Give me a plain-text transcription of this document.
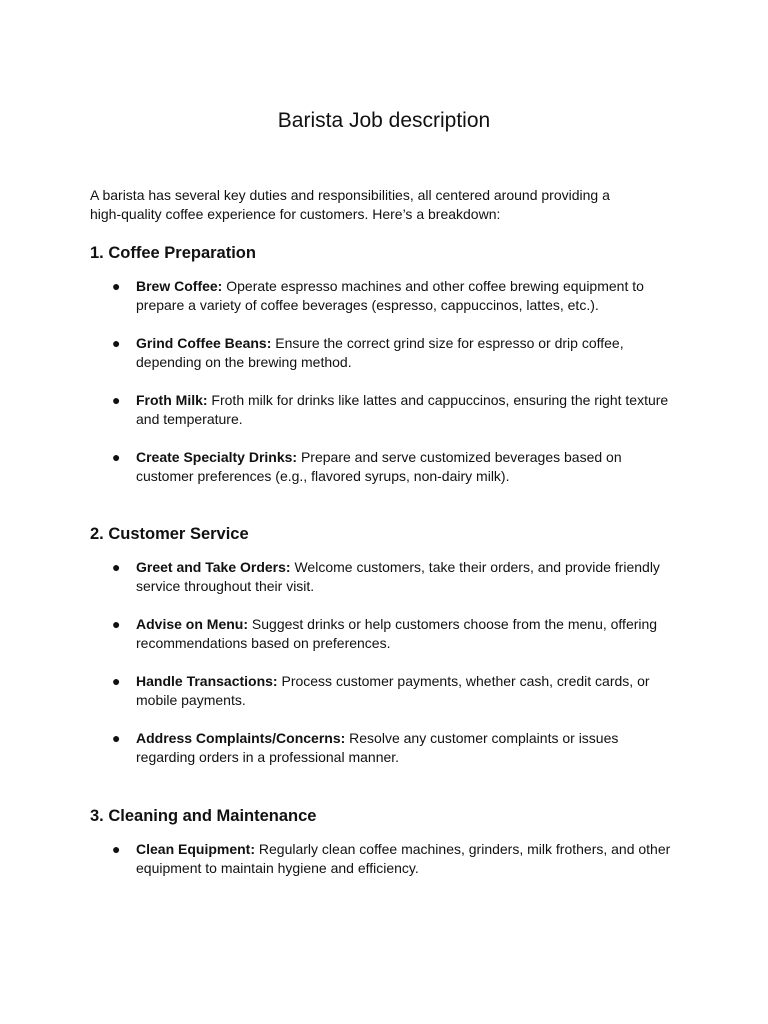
Barista Job description

A barista has several key duties and responsibilities, all centered around providing a high-quality coffee experience for customers. Here’s a breakdown:

1. Coffee Preparation
● Brew Coffee: Operate espresso machines and other coffee brewing equipment to prepare a variety of coffee beverages (espresso, cappuccinos, lattes, etc.).
● Grind Coffee Beans: Ensure the correct grind size for espresso or drip coffee, depending on the brewing method.
● Froth Milk: Froth milk for drinks like lattes and cappuccinos, ensuring the right texture and temperature.
● Create Specialty Drinks: Prepare and serve customized beverages based on customer preferences (e.g., flavored syrups, non-dairy milk).
2. Customer Service
● Greet and Take Orders: Welcome customers, take their orders, and provide friendly service throughout their visit.
● Advise on Menu: Suggest drinks or help customers choose from the menu, offering recommendations based on preferences.
● Handle Transactions: Process customer payments, whether cash, credit cards, or mobile payments.
● Address Complaints/Concerns: Resolve any customer complaints or issues regarding orders in a professional manner.
3. Cleaning and Maintenance
● Clean Equipment: Regularly clean coffee machines, grinders, milk frothers, and other equipment to maintain hygiene and efficiency.
